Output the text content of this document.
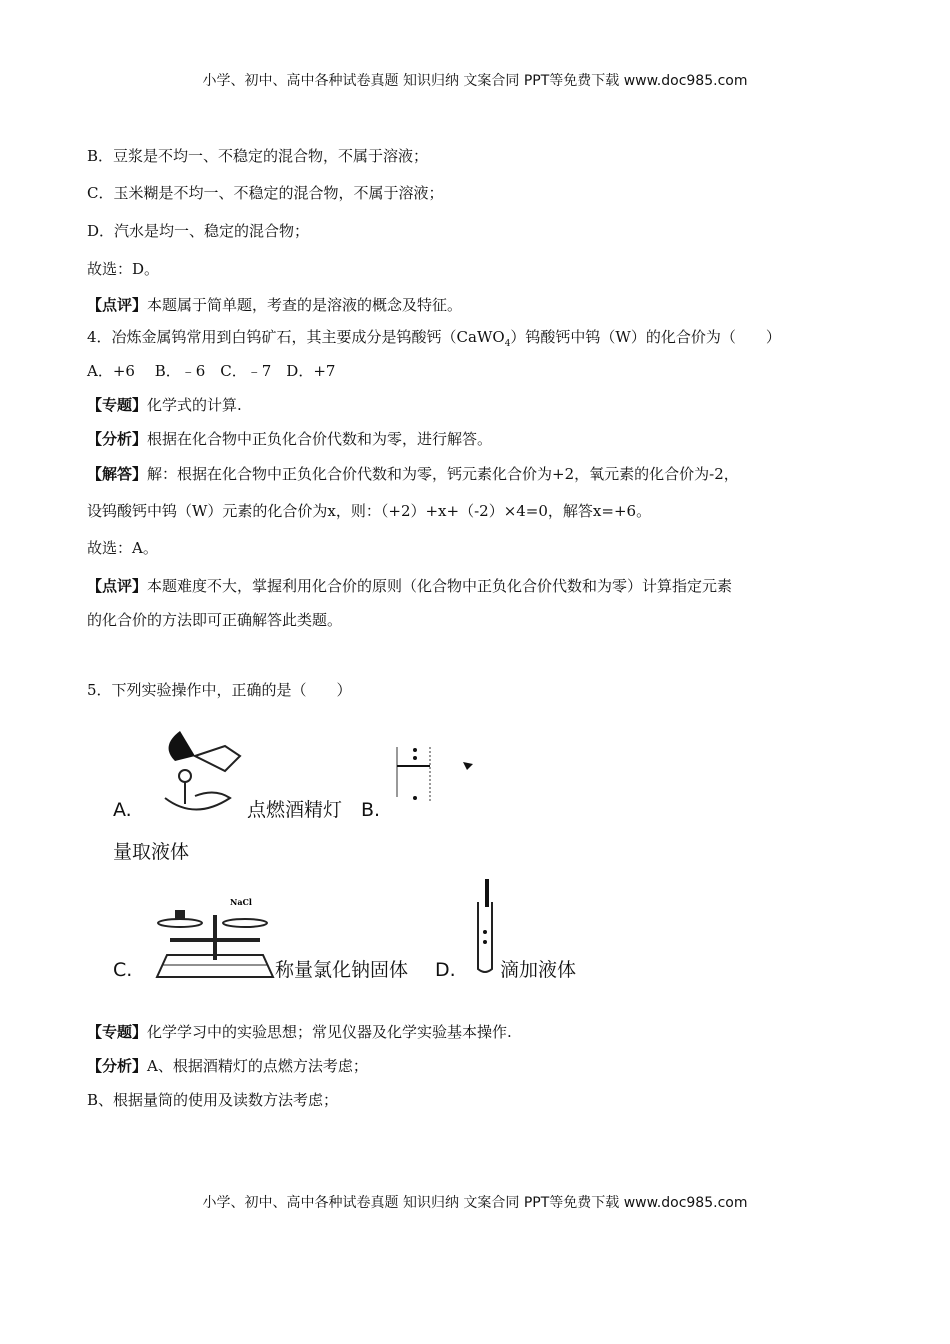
小学、初中、高中各种试卷真题 知识归纳 文案合同 PPT等免费下载 www.doc985.com
B．豆浆是不均一、不稳定的混合物，不属于溶液；
C．玉米糊是不均一、不稳定的混合物，不属于溶液；
D．汽水是均一、稳定的混合物；
故选：D。
【点评】本题属于简单题，考查的是溶液的概念及特征。
4．冶炼金属钨常用到白钨矿石，其主要成分是钨酸钙（CaWO$_4$）钨酸钙中钨（W）的化合价为（　　）
A．+6　 B．﹣6　C．﹣7　D．+7
【专题】化学式的计算.
【分析】根据在化合物中正负化合价代数和为零，进行解答。
【解答】解：根据在化合物中正负化合价代数和为零，钙元素化合价为+2，氧元素的化合价为-2，
设钨酸钙中钨（W）元素的化合价为x，则：（+2）+x+（-2）×4=0，解答x=+6。
故选：A。
【点评】本题难度不大，掌握利用化合价的原则（化合物中正负化合价代数和为零）计算指定元素
的化合价的方法即可正确解答此类题。
5．下列实验操作中，正确的是（　　）
A.	点燃酒精灯 B.
量取液体
C.
NaCl
称量氯化钠固体 D. 滴加液体
【专题】化学学习中的实验思想；常见仪器及化学实验基本操作.
【分析】A、根据酒精灯的点燃方法考虑；
B、根据量筒的使用及读数方法考虑；
小学、初中、高中各种试卷真题 知识归纳 文案合同 PPT等免费下载 www.doc985.com
